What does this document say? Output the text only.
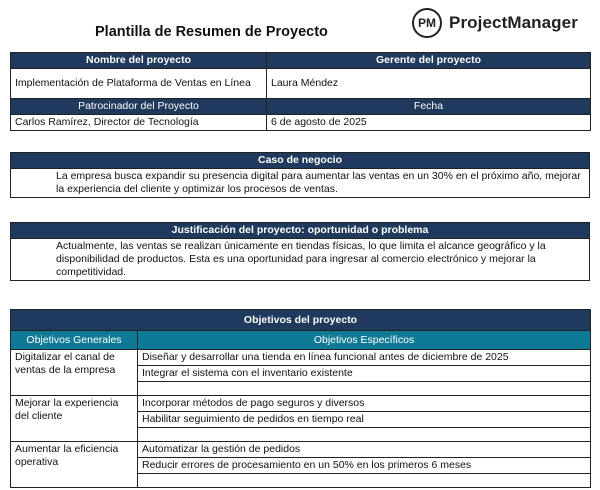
Plantilla de Resumen de Proyecto
PM ProjectManager
Nombre del proyecto	Gerente del proyecto
Implementación de Plataforma de Ventas en Línea	Laura Méndez
Patrocinador del Proyecto	Fecha
Carlos Ramírez, Director de Tecnología	6 de agosto de 2025
Caso de negocio
La empresa busca expandir su presencia digital para aumentar las ventas en un 30% en el próximo año, mejorar la experiencia del cliente y optimizar los procesos de ventas.
Justificación del proyecto: oportunidad o problema
Actualmente, las ventas se realizan únicamente en tiendas físicas, lo que limita el alcance geográfico y la disponibilidad de productos. Esta es una oportunidad para ingresar al comercio electrónico y mejorar la competitividad.
Objetivos del proyecto	
Objetivos Generales	Objetivos Específicos
Digitalizar el canal de ventas de la empresa	Diseñar y desarrollar una tienda en línea funcional antes de diciembre de 2025
	Integrar el sistema con el inventario existente

Mejorar la experiencia del cliente	Incorporar métodos de pago seguros y diversos
	Habilitar seguimiento de pedidos en tiempo real

Aumentar la eficiencia operativa	Automatizar la gestión de pedidos
	Reducir errores de procesamiento en un 50% en los primeros 6 meses
